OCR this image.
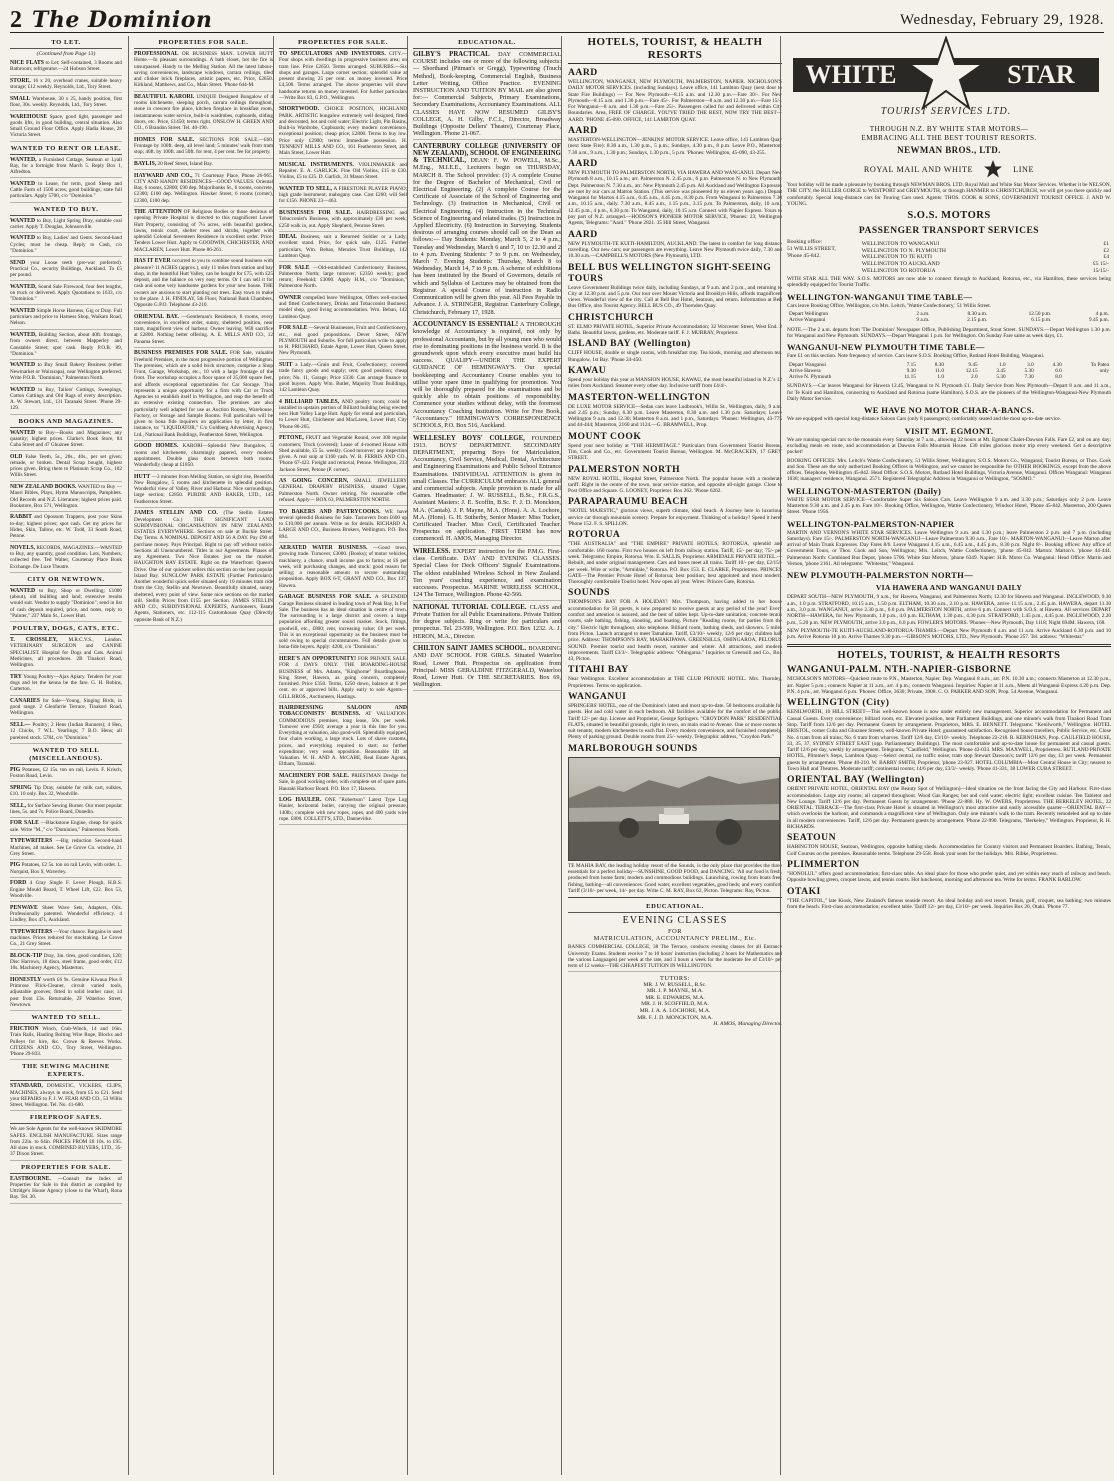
2 The Dominion	Wednesday, February 29, 1928.
TO LET.
(Continued from Page 13)
NICE FLATS to Let; Self-contained, 3 Rooms and Bathroom; refrigerator.—24 Hobson Street.
STORE, 16 x 20, overhead cranes, suitable heavy storage; £12 weekly. Reynolds, Ltd., Tory Street.
SMALL Warehouse, 30 x 25, handy position, first floor, 30s. weekly. Reynolds, Ltd., Tory Street.
WAREHOUSE Space, good light, passenger and goods lifts, in good building, central situation. Also Small Ground Floor Office. Apply Hadia House, 28 Victoria Street.
WANTED TO RENT OR LEASE.
WANTED, a Furnished Cottage, Seatoun or Lyall Bay, for a fortnight from March 5. Reply Box 1, Alfredton.
WANTED to Lease, for term, good Sheep and Cattle Farm of 1500 acres; good buildings; state full particulars. Apply 5700, c/o "Dominion."
WANTED TO BUY.
WANTED to Buy, Light Spring Dray, suitable coal carrier. Apply T. Douglas, Johnsonville.
WANTED to Buy, Ladies' and Gents. Second-hand Cycles; must be cheap. Reply to Cash, c/o "Dominion."
SEND your Loose teeth (pre-war preferred). Practical Co., security Buildings, Auckland. To £5 per pound.
WANTED, Sound Sale Firewood, four feet lengths, on truck or delivered. Apply Quotations to 1633, c/o "Dominion."
WANTED Simple Horse Harness, Gig or Dray. Full particulars and price to Harness Shop, Waikato Road, Nelson.
WANTED, Building Section, about 40ft. frontage, from owners direct, between Mapperley and Constable Street; spot cash. Reply P.O.B. 89, "Dominion."
WANTED to Buy Small Bakery Business (either Newmarket or Wairarapa), near Wellington preferred. Write P.O.B. "Dominion," Palmerston North.
WANTED to Buy, Tailors' Cuttings, Sweepings, Cotton Cuttings and Old Rags of every description. A. W. Stewart, Ltd., 131 Taranaki Street. 'Phone 29-129.
BOOKS AND MAGAZINES.
WANTED to Buy—Books and Magazines; any quantity; highest prices. Clarke's Book Store, 84 Cuba Street and 47 Ghuznee Street.
OLD False Teeth, 5s., 20s., 40s., per set given; remade, or broken. Dental Scrap bought, highest prices given. Bring them to Platinum Scrap Co., 102 Willis Street.
NEW ZEALAND BOOKS. WANTED to Buy — Maori Bibles, Plays, Hymn Manuscripts, Pamphlets. Old Records and N.Z. Literature; highest prices paid. Bookstore, Box 571, Wellington.
RABBIT and Opossum Trappers, post your Skins to-day; highest prices; spot cash. Get my prices for Hides, Skin, Tallow, etc. W. Todd, 33 South Road, Petone.
NOVELS, RECORDS, MAGAZINES.—WANTED to Buy, any quantity, good condition. Lots, Numbers, collected free. Ted Walter, Courtenay Place Book Exchange. De Luxe Theatre.
CITY OR NEWTOWN.
WANTED to Buy, Shop or Dwelling; £1000 (about), old building and land; extensive results would suit. Vendor to supply "Dominion"; send in list of cash deposit required, price, and notes, reply to "Painter," 237 Main St., Lower Hutt.
POULTRY, DOGS, CATS, ETC.
T. CROSSLEY, M.R.C.V.S., London. VETERINARY SURGEON and CANINE SPECIALIST. Hospital for Dogs and Cats. Animal Medicines, all procedures. 2B Tinakori Road, Wellington.
TRY Young Poultry—Ajax Apiary. Tenders for your dogs and let the kenna be the fare. G. H. Robins, Carterton.
CANARIES for Sale—Young, Singing Birds, in good range. 2 Glenfarrie Terrace, Tinakori Road, Wellington.
SELL— Poultry; 2 Hens (Indian Runners); 4 Hen, 12 Chicks, 7 W.L. Yearlings; 7 B.O. Hens; all purebred stock. 5784, c/o "Dominion."
WANTED TO SELL (MISCELLANEOUS).
PIG Potatoes, £2 15s. ton on rail, Levin. F. Krisch, Foxton Road, Levin.
SPRING Tip Dray, suitable for milk cart, sulkies, £10. 10 only. Box 32, Woodville.
SELL, for Surface Sewing Burner. Our most popular lines, 5s. and 7s. Police Board, Dunedin.
FOR SALE —Blackstone Engine, cheap for quick sale. Write "M.," c/o "Dominion," Palmerston North.
TYPEWRITERS —Big reduction Second-hand Machines, all makes. See Le Grove Co. window, 21 Grey Street.
PIG Potatoes, £2 5s. ton on rail Levin, with order. L. Norquist, Box 9, Waverley.
FORD 4 Gray Single F. Lever Plough, H.B.S. Engine Mould Board, T. Wheel Lift, £22. Box 53, Woodville.
PENWAVE Sheet Wave Sets, Adapters, Oils. Professionally patented. Wonderful efficiency. 4 Lindley, Box 471, Auckland.
TYPEWRITERS —Your chance. Bargains in used machines. Prices reduced for stocktaking. Le Grove Co., 21 Grey Street.
BLOCK-TIP Dray, 3in. tires, good condition, £20; Disc Harrows, 18 discs, steel frame, good order, £12 10s. Machinery Agency, Masterton.
HONESTLY worth £6 9s. Genuine Kiwaua Plus 8 Primrose Flick-Cleaner, circuit varied tools, adjustable grooves; fitted in solid leather case; 14 post from £3s. Returnable, 2F Waterloo Street, Newtown.
WANTED TO SELL.
FRICTION Winch, Crab-Winch, 14 and 16in. Train Rails, Hauling Bolting Wire Rope, Blocks and Pulleys for hire, &c. Crowe & Reeves Works. CITIZENS AND CO., Tory Street, Wellington. 'Phone 29-833.
THE SEWING MACHINE EXPERTS.
STANDARD, DOMESTIC, VICKERS, CLIPS, MACHINES, always in stock, from £5 to £21. Send your REPAIRS to F. J. W. FEAR AND CO., 53 Willis Street, Wellington. Tel. No. 41-680.
FIREPROOF SAFES.
We are Sole Agents for the well-known SKIDMORE SAFES. ENGLISH MANUFACTURE. Sizes range from 22in. to 64in. PRICES FROM £8 10s. to £95. All sizes in stock. COMBINED BUYERS, LTD., 35-37 Dixon Street.
PROPERTIES FOR SALE.
EASTBOURNE. —Consult the Index of Properties for Sale in this district as compiled by Uttridge's House Agency (close to the Wharf), Rona Bay. Tel. 30.
PROPERTIES FOR SALE.
PROFESSIONAL OR BUSINESS MAN. LOWER HUTT Home.—In pleasant surroundings. A bath closet, hot the fire is unsurpassed. Handy to the Melling Station. All the latest labour-saving conveniences, landscape windows, carrara ceilings, tiled and clinker brick fireplaces, artistic papers, etc. Price, £2650. Kirkland, Matthews, and Co., Main Street. 'Phone 644-M.
BEAUTIFUL KARORI. UNIQUE Designed Bungalow of 4 rooms kitchenette, sleeping porch, carrara ceilings throughout, stone in crescent fire place, kitchen fireplace in breakfast room, instantaneous water service, built-in wardrobes, cupboards, sliding doors, etc. Price, £1450; terms right. ONSLOW H. GREEN AND CO., 6 Brandon Street. Tel. 40-190.
HOMES FOR SALE. SECTIONS FOR SALE.—£60. Frontage by 100ft. deep, all level land; 5 minutes' walk from tram stop; 40ft. by 100ft. and 50ft. for rent, 4 per cent. fee for property.
BAYLIS, 20 Reef Street, Island Bay.
HAYWARD AND CO., 71 Courtenay Place, Phone 26-965. CITY AND HANDY RESIDENCES—GOOD VALUES. Oriental Bay, 6 rooms, £2800; £90 dep. Majoribanks St., 6 rooms, concrete, £2300; £100 dep. Wellington. Hawker Street, 6 rooms (corner), £2300, £100 dep.
THE ATTENTION OF Religious Bodies or those desirous of opening Private Hospital is directed to this magnificent Lower Hutt Property, consisting of 7¼ acres, with beautiful gardens, lawns, tennis court, shelter trees and shrubs, together with splendid Colonial Seventeen Residence in excellent order. Price: Tenders Lower Hutt. Apply to GOODWIN, CHICHESTER, AND MACLAREN, Lower Hutt. Phone 86-261.
HAS IT EVER occurred to you to combine sound business with pleasure? 11 ACRES (approx.), only 11 miles from station and bay shop, in the beautiful Hutt Valley, can be bought for £75, with £25 deposit, and the balance on very easy terms. Or I can sell it for cash and some very handsome gardens for your new house. THE owners are anxious to start planting out trees. Easy town to make to the place. J. H. FINDLAY, 5th Floor, National Bank Chambers, Opposite G.P.O. Telephone 43-210.
ORIENTAL BAY. —Gentleman's Residence, 8 rooms, every convenience, in excellent order, sunny, sheltered position, near tram, magnificent view of harbour. Owner leaving. Will sacrifice at £2800. Nothing better offering. A. E. MILLS AND CO., 12 Panama Street.
BUSINESS PREMISES FOR SALE. FOR Sale, valuable Freehold Premises, in the most progressive portion of Wellington. The premises, which are a solid brick structure, comprise a Shop Front, Garage, Workshop, etc., 10 with a large frontage of the front. The workshop occupies a floor space of 25,000 square feet, and affords exceptional opportunities for Car Storage. This represents a unique opportunity for a firm with Car or Truck Agencies to establish itself in Wellington, and reap the benefit of an extensive existing connection. The premises are also particularly well adapted for use as Auction Rooms, Warehouse, Factory, or Storage and Sample Rooms. Full particulars will be given to bona fide inquirers on application by letter, in first instance, to: "LIQUIDATOR," C/o Goldberg Advertising Agency, Ltd., National Bank Buildings, Featherston Street, Wellington.
GOOD HOMES. KARORI—Splendid New Bungalow, 5 rooms and kitchenette, charmingly papered, every modern appointment. Double glass doors between both rooms. Wonderfully cheap at £1850.
HUTT —3 minutes from Melling Station, on sight rise, Beautiful New Bungalow, 5 rooms and kitchenette in splendid position. Wonderful view of Valley, River and Harbour. Nice surroundings, large section; £2850. PURDIE AND BAKER, LTD., 145 Featherston Street.
JAMES STELLIN AND CO. (The Stellin Estates Development Co.) THE SIGNIFICANT LAND SUBDIVISIONAL ORGANISATION IN NEW ZEALAND. ESTATES EVERYWHERE. Sections on sale at Buckle Street. Day Terms. A NOMINAL DEPOSIT AND 56 A DAY. Pay £90 of purchase money. Pays Principal. Right to pay off without notice. Sections all Unencumbered. Titles in our Agreements. Phases of any Agreement. Two Nice Estates just on the market. HAUGHTON BAY ESTATE. Right on the Waterfront. Queen's Drive. One of our quickest sellers this section on the best popular Island Bay. SUNGLOW PARK ESTATE (Further Particulars). Another wonderful quick seller situated only 10 minutes tram ride from the City, Stellin and Newtown. Beautifully situated, sunny, sheltered, every point of view. Some nice sections on the market still. Stellin Prices from £155 per Section. JAMES STELLIN AND CO., SUBDIVISIONAL EXPERTS, Auctioneers, Estate Agents, Stationers, etc. 112-115 Customhouse Quay (Directly opposite Bank of N.Z.)
PROPERTIES FOR SALE.
TO SPECULATORS AND INVESTORS. CITY.—Four shops with dwellings in progressive business area; on tram line. Price £2650. Terms arranged. SUBURBS.—Six shops and garages. Large corner section; splendid value at present showing 25 per cent. on money invested. Price £4,500. Terms arranged. The above properties will show handsome returns on money invested. For further particulars—Write Box 83, G.P.O., Wellington.
SHORTWOOD. CHOICE POSITION, HIGHLAND PARK. ARTISTIC bungalow extremely well designed, fitted and decorated, hot and cold water; Electric Light, Pin Basins, Built-in Wardrobe, Cupboards; every modern convenience, exceptional position; cheap price; £2800. Terms to buy low. Price only £2900; terms: Immediate possession. H. TENNENT MILLS AND CO., 161 Featherston Street, and Main Street, Lower Hutt.
MUSICAL INSTRUMENTS. VIOLINMAKER and Repairer. E. A. GARLICK. Fine Old Violins, £15 to £30. Violins, £5 to £25. D. Garlick, 31 Mason Street.
WANTED TO SELL, A FIRESTONE PLAYER PIANO; high grade instrument; mahogany case. Cost £260; will Sell for £156. PHONE 23—463.
BUSINESSES FOR SALE. HAIRDRESSING and Tobacconist's Business, with approximately £30 per week; £250 walk in, out. Apply Shepherd, Penrose Street.
IDEAL Business, suit a Returned Soldier or a Lady; excellent stand. Price, for quick sale, £125. Further particulars, Wm. Beban, Menzies Trust Buildings, 142 Lambton Quay.
FOR SALE —Old-established Confectionery Business, Palmerston North; large turnover; £2350 weekly; good return; Freehold; £3000. Apply H.M., c/o "Dominion," Palmerston North.
OWNER compelled leave Wellington, Offers well-stocked and fitted Confectionery, Drinks and Tobacconist Business; model shop, good living accommodation. Wm. Beban, 142 Lambton Quay.
FOR SALE —Several Businesses, Fruit and Confectionery, etc., real good propositions. Dever Street, NEW PLYMOUTH and Suburbs. For full particulars write to apply to H. PRICHARD, Estate Agent, Lower Hutt, Queen Street, New Plymouth.
SUIT a Lady.—Grain and Fruit, Confectionery; covered trade fancy goods and supply; rent; good position; cheap price; No. 11, Garage; Price £330. Can arrange finance to good buyers. Apply Wm. Butler, Majority Trust Buildings, 142 Lambton Quay.
4 BILLIARD TABLES, AND poultry room; could be installed in upstairs portion of Billiard building being erected next Hutt Valley Large Hutt. Apply for rental and particulars, to Lower Hutt, Chichester and MacLaren, Lower Hutt, City 'Phone 86-265.
PETONE, FRUIT and Vegetable Round, over 300 regular customers; Truck (covered); Lease of 4-roomed House with Shed available, £5 5s. weekly. Good turnover; any inspection given. A real snip at £160 cash. W. B. FERRIS AND CO., 'Phone 67-423. Freight and removal, Petone. Wellington, 233 Jackson Street, Petone (P. corner).
AS GOING CONCERN, SMALL JEWELLERY GENERAL DRAPERY BUSINESS, situated Upper, Palmerston North. Owner retiring. No reasonable offer refused. Apply— BOX 63, PALMERSTON NORTH.
TO BAKERS AND PASTRYCOOKS. WE have several splendid Business for Sale. Turnovers from £600 up to £10,000 per annum. Write us for details. RICHARD A. LARGE AND CO., Business Brokers, Wellington. P.O. Box 894.
AERATED WATER BUSINESS. —Good town, growing trade. Turnover, £3000. (Books); of motor vehicles, machinery, a chance, small income gas to farms; at £6 per week, will purchasing changes, and stock: good reason for selling; a reasonable amount to secure outstanding proposition. Apply BOX 6-T, GRANT AND CO., Box 137, Hawera.
GARAGE BUSINESS FOR SALE. A SPLENDID Garage Business situated in leading town of Peak Bay, Is For Sale. The business has an ideal situation in centre of town. The surrounding is a large district and covers a large population affording greater sound market. Stock, fittings, goodwill, etc., £800; rent, increasing value; £8 per week. This is an exceptional opportunity as the business must be sold owing to special circumstances. Full details given to bona-fide buyers. Apply: 4200, c/o "Dominion."
HERE'S AN OPPORTUNITY! FOR PRIVATE SALE. FOR 4 DAYS ONLY. THE BOARDING-HOUSE BUSINESS of Mrs. Adams, "Kinghorne" Boardinghouse, King Street, Hawera, as going concern, completely furnished. Price £350. Terms, £250 down, balance at 6 per cent. on or approved bills. Apply early to sole Agents— GILL BROS., Auctioneers, Hastings.
HAIRDRESSING SALOON AND TOBACCONISTS' BUSINESS. AT VALUATION. COMMODIOUS premises, long lease, 50s. per week. Turnover over £950; average a year in this line for you. Everything at valuation, also good-will. Splendidly equipped, four chairs working, a large stock. Lots of shave customs, prices, and everything required to start; no further expenditure; very weak opposition. Reasonable lift at Valuation. W. H. AND A. McCABE, Real Estate Agents, Eltham, Taranaki.
MACHINERY FOR SALE. PRIESTMAN Dredge for Sale, in good working order, with complete set of spare parts. Hauraki Harbour Board. P.O. Box 17, Hawera.
LOG HAULER. ONE "Robertson" Latest Type Log Hauler, horizontal boiler, carrying the original pressure, 140lb.; complete with new ropes, ropes, and 400 yards wire rope. £800. COLLETT'S, LTD., Dannevirke.
EDUCATIONAL.
GILBY'S PRACTICAL DAY COMMERCIAL COURSE includes one or more of the following subjects:— Shorthand (Pitman's or Gregg), Typewriting (Touch Method), Book-keeping, Commercial English, Business Letter Writing, Office Practice. EVENING INSTRUCTION AND TUITION BY MAIL are also given for:— Commercial Subjects, Primary Examinations, Secondary Examinations, Accountancy Examinations. ALL CLASSES HAVE NOW RESUMED GILBY'S COLLEGE, A. H. Gilby, F.C.I., Director, Broadway Buildings (Opposite Dellers' Theatre), Courtenay Place, Wellington. 'Phone 21-067.
CANTERBURY COLLEGE (UNIVERSITY OF NEW ZEALAND), SCHOOL OF ENGINEERING & TECHNICAL, DEAN: F. W. POWELL, M.Sc., M.Eng., M.I.E.E., Lecturers begin on THURSDAY, MARCH 8. The School provides: (1) A complete Course for the Degree of Bachelor of Mechanical, Civil or Electrical Engineering. (2) A complete Course for the Certificate of Associate of the School of Engineering and Technology. (3) Instruction in Mechanical, Civil or Electrical Engineering. (4) Instruction in the Technical Science of Engineering and related trades. (5) Instruction in Applied Electricity. (6) Instruction in Surveying. Students desirous of arranging courses should call on the Dean as follows:— Day Students: Monday, March 5, 2 to 4 p.m.; Tuesday and Wednesday, March 6 and 7, 10 to 12.30 and 2 to 4 p.m. Evening Students: 7 to 9 p.m. on Wednesday, March 7. Evening Students: Thursday, March 8 to Wednesday, March 14, 7 to 9 p.m. A scheme of exhibitions has been instituted by the Board of Governors, details of which and Syllabus of Lectures may be obtained from the Registrar. A special Course of instruction in Radio Communication will be given this year. All Fees Payable in Advance. J. A. STRINGER, Registrar. Canterbury College, Christchurch, February 17, 1928.
ACCOUNTANCY IS ESSENTIAL! A THOROUGH knowledge of Accountancy is required, not only by professional Accountants, but by all young men who would rise to dominating positions in the business world. It is the groundwork upon which every executive must build his success. QUALIFY—UNDER THE EXPERT GUIDANCE OF HEMINGWAY'S. Our special bookkeeping and Accountancy Course enables you to utilise your spare time in qualifying for promotion. You will be thoroughly prepared for the examinations and be quickly able to obtain positions of responsibility. Commence your studies without delay, with the foremost Accountancy Coaching Institution. Write for Free Book, "Accountancy." HEMINGWAY'S CORRESPONDENCE SCHOOLS, P.O. Box 516, Auckland.
WELLESLEY BOYS' COLLEGE, FOUNDED 1913. BOYS' DEPARTMENT. SECONDARY DEPARTMENT, preparing Boys for Matriculation, Accountancy, Civil Service, Medical, Dental, Architecture and Engineering Examinations and Public School Entrance Examinations. INDIVIDUAL ATTENTION is given in small Classes. The CURRICULUM embraces ALL general and commercial subjects. Ample provision is made for all Games. Headmaster: J. W. RUSSELL, B.Sc., F.R.G.S., Assistant Masters: J. E. Scoffin, B.Sc. F. J. D. Monckton, M.A. (Cantab). J. P. Mayne, M.A. (Hons). A. A. Lochore, M.A. (Hons). G. H. Sutherby, Senior Master: Miss Tucker, Certificated Teacher. Miss Cecil, Certificated Teacher. Prospectus on application. FIRST TERM has now commenced. H. AMOS, Managing Director.
WIRELESS. EXPERT instruction for the P.M.G. First-class Certificate. DAY AND EVENING CLASSES. Special Class for Deck Officers' Signals' Examinations. The oldest established Wireless School in New Zealand. Ten years' coaching experience, and examination successes. Prospectus. MARINE WIRELESS SCHOOL, 124 The Terrace, Wellington. Phone 42-566.
NATIONAL TUTORIAL COLLEGE. CLASS and Private Tuition for all Public Examinations. Private Tuition for degree subjects. Ring or write for particulars and prospectus. Tel. 23-599, Wellington. P.O. Box 1232. A. J. HERON, M.A., Director.
CHILTON SAINT JAMES SCHOOL. BOARDING AND DAY SCHOOL FOR GIRLS. Situated Waterloo Road, Lower Hutt. Prospectus on application from Principal: MISS GERALDINE FITZGERALD, Waterloo Road, Lower Hutt. Or THE SECRETARIES. Box 69, Wellington.
HOTELS, TOURIST, & HEALTH RESORTS
AARD
WELLINGTON, WANGANUI, NEW PLYMOUTH, PALMERSTON, NAPIER. NICHOLSON'S DAILY MOTOR SERVICES. (including Sundays). Leave office, 141 Lambton Quay (next door to State Fire Buildings) — For New Plymouth—8.15 a.m. and 12.30 p.m.—Fare 30/-. For New Plymouth—8.15 a.m. and 1.30 p.m.—Fare 45/-. For Palmerston—8 a.m. and 12.30 p.m.—Fare 15/-. For Wanganui—8 a.m. and 1.30 p.m.—Fare 25/-. Passengers called for and delivered within City Boundaries. Area, FREE OF CHARGE. YOU'VE TRIED THE REST, NOW TRY THE BEST—AARD. 'PHONE 45-090. OFFICE, 141 LAMBTON QUAY.
AARD
MASTERTON-WELLINGTON—JENKINS' MOTOR SERVICE. Leave office, 141 Lambton Quay (next State Fire): 8.30 a.m., 1.30 p.m., 5 p.m.; Sundays, 4.30 p.m., 8 p.m. Leave P.O., Masterton: 7.30 a.m., 9 a.m., 1.30 p.m.; Sundays, 1.30 p.m., 5 p.m. 'Phones: Wellington, 45-090, 43-255.
AARD
NEW PLYMOUTH TO PALMERSTON NORTH, VIA HAWERA AND WANGANUI. Depart New Plymouth 8 a.m., 10.15 a.m.; arr. Palmerston N. 2.45 p.m., 6 p.m. Palmerston N. to New Plymouth: Dept. Palmerston N. 7.30 a.m., arr. New Plymouth 2.45 p.m. All Auckland and Wellington Expresses are met by our cars at Matron Station. (This service was pioneered by us eleven years ago.) Depart Wanganui for Marton 4.15 a.m., 6.45 a.m., 4.45 p.m., 8.30 p.m. From Wanganui to Palmerston 7.30 a.m., 10.15 a.m., daily. 7.30 a.m., 8.45 a.m., 1.15 p.m., 3.15 p.m. To Palmerston, daily, 10 a.m., 12.45 p.m., 4 p.m., 6.30 p.m. To Wanganui, daily, 10.15 a.m. Connect with Napier Express. Yours to pay part of N.Z. arranged.—HODSON'S PIONEER MOTOR SERVICE, 'Phones: 23; Wellington Agents, Telegrams: "Aard." 'Phone 2821. 35 Hill Street, Wanganui.
AARD
NEW PLYMOUTH-TE KUITI-HAMILTON, AUCKLAND. The latest in comfort for long distance travelling. Our new cars; our passengers are everything. Leave New Plymouth twice daily, 7.30 and 10.30 a.m.—CAMPBELL'S MOTORS (New Plymouth), LTD.
BELL BUS WELLINGTON SIGHT-SEEING TOURS
Leave Government Buildings twice daily, including Sundays, at 9 a.m. and 2 p.m., and returning to City at 12.30 p.m. and 5 p.m. Our tour over Mount Victoria and Brooklyn Hills, affords magnificent views. Wonderful view of the city. Call at Bell Bus Hotel, Seatoun, and return. Information at Bell Bus Office, also Tourist Agency. BELL BUS CO., 49 Thorndon Quay.
CHRISTCHURCH
ST. ELMO PRIVATE HOTEL, Superior Private Accommodation; 32 Worcester Street, West End. 2 Baths. Beautiful lawns, gardens, etc. Moderate tariff. F. J. MURRAY, Proprietor.
ISLAND BAY (Wellington)
CLIFF HOUSE, double or single rooms, with breakfast tray. Tea kiosk, morning and afternoon tea. Bungalow, 1st Bay. 'Phone 24-450.
KAWAU
Spend your holiday this year at MANSION HOUSE, KAWAU, the most beautiful island in N.Z.'s 12 miles from Auckland. Steamer every other day. Inclusive tariff from £4/4/-.
MASTERTON-WELLINGTON
DE LUXE MOTOR SERVICE—Sedan cars leave Ludbrook's, Willis St., Wellington, daily, 9 a.m. and 2.45 p.m.; Sunday, 6.30 p.m. Leave Masterton, 8.30 a.m. and 1.30 p.m. Saturdays; Leave Wellington 9 a.m. and 12.30; Masterton 8 a.m. and 1 p.m., Saturdays. 'Phones: Wellington, 43-775 and 44-444; Masterton, 2160 and 1124.—G. BRAMWELL, Prop.
MOUNT COOK
Spend your next holiday at "THE HERMITAGE." Particulars from Government Tourist Bureau, Tim, Cook and Co., etc. Government Tourist Bureau, Wellington. M. McCRACKEN, 17 GREY STREET.
PALMERSTON NORTH
NEW ROYAL HOTEL, Hospital Street, Palmerston North. The popular house with a moderate tariff. Right in the centre of the town, near service station, and opposite all-night garage. Close to Post Office and Square. G. LOONEY, Proprietor. Box 262. 'Phone 6262.
PARAPARAUMU BEACH
"HOTEL MAJESTIC," glorious views, superb climate, ideal beach. A Journey here in luxurious service car through mountain scenery. Prepare for enjoyment. Thinking of a holiday? Spend it here! 'Phone 152. F. S. SPILLON.
ROTORUA
"THE AUSTRALIA" and "THE EMPIRE" PRIVATE HOTELS, ROTORUA, splendid and comfortable. 160 rooms. First two houses on left from railway station. Tariff, 15/- per day; 75/- per week. Telegrams: Empire, Rotorua. Wm. E. SALLIS, Proprietor. ARMIDALE PRIVATE HOTEL.—Rebuilt, and under original management. Cars and buses meet all trains. Tariff 10/- per day, £2/15/- per week. Wire or write, "Armidale," Rotorua. P.O. Box 153. E. CLARKE, Proprietress. PRINCES GATE—The Premier Private Hotel of Rotorua; best position; best appointed and most modern. Thoroughly comfortable Tourist hotel. Now open all year. Wires: Princes Gate, Rotorua.
SOUNDS
THOMPSON'S BAY FOR A HOLIDAY! Mrs. Thompson, having added to her house accommodation for 50 guests, is now prepared to receive guests at any period of the year! Every comfort and attention is assured, and the best of tables kept. Up-to-date sanitation; concrete tennis courts, safe bathing, fishing, shooting, and boating. Picture "Reading rooms, for parties from the city." Electric light throughout, also telephone. Billiard room, bathing sheds, and showers. 5 miles from Picton. Launch arranged to meet Tamahine. Tariff, £3/10/- weekly, 12/6 per day; children half price. Address: THOMPSON'S BAY, MAHAKIPAWA. GREENSILLS, OHINGAROA, PELORUS SOUND. Premier tourist and health resort, summer and winter. All attractions, and modern improvements. Tariff £3/3/-. Telegraphic address: "Ohingaroa." Inquiries to Greensill and Co., Box 43, Picton.
TITAHI BAY
Near Wellington. Excellent accommodation at THE CLUB PRIVATE HOTEL. Mrs. Thornley, Proprietress. Terms on application.
WANGANUI
SPRINGERS' HOTEL, one of the Dominion's latest and most up-to-date. 50 bedrooms available for guests. Hot and cold water in each bedroom. All facilities available for the comfort of the public. Tariff 12/- per day. License and Proprietor, George Springers. "CROYDON PARK" RESIDENTIAL FLATS, situated in beautiful grounds, right in town, on main road to Avenue. One or more rooms to suit tenants, modern kitchenettes to each flat. Every modern convenience, and furnished completely. Plenty of parking ground. Double rooms from 25/- weekly. Telegraphic address, "Croydon Park."
MARLBOROUGH SOUNDS
TE MAHIA BAY, the leading holiday resort of the Sounds, is the only place that provides the three essentials for a perfect holiday—SUNSHINE, GOOD FOOD, and DANCING. 'All our food is fresh, produced from home farm; modern and commodious buildings. Launching, rowing from boats free; fishing, bathing—all conveniences. Good water, excellent vegetables, good beds; and every comfort. Tariff (3/10/- per week, 14/- per day. Write C. M. RAY, Box 62, Picton. Telegrams: Ray, Picton.
EDUCATIONAL.
EVENING CLASSES
FOR
MATRICULATION, ACCOUNTANCY PRELIM., Etc.
BANKS COMMERCIAL COLLEGE, 38 The Terrace, conducts evening classes for all Entrance University Exams. Students receive 7 to 10 hours' instruction (including 2 hours for Mathematics and the various Languages) per week at the rate, and 3 hours a week for the moderate fee of £3/10/- per term of 12 weeks—THE CHEAPEST TUITION IN WELLINGTON.
TUTORS:
MR. J. W. RUSSELL, B.Sc.
MR. J. P. MAYNE, M.A.
MR. E. EDWARDS, M.A.
MR. J. H. SCOFFIELD, M.A.
MR. J. A. A. LOCHORE, M.A.
MR. F. J. D. MONCKTON, M.A.
H. AMOS, Managing Director.
WHITE	STAR
TOURIST SERVICES LTD.
THROUGH N.Z. BY WHITE STAR MOTORS—
EMBRACING ALL THE BEST TOURIST RESORTS.
NEWMAN BROS., LTD.
ROYAL MAIL AND WHITE	LINE
Your holiday will be made a pleasure by booking through NEWMAN BROS. LTD. Royal Mail and White Star Motor Services. Whether it be NELSON, THE CITY, the BULLER GORGE to WESTPORT and GREYMOUTH, or through HANMER to CHRISTCHURCH, we will get you there quickly and comfortably. Special long-distance cars for Touring Cars used. Agents: THOS. COOK & SONS, GOVERNMENT TOURIST OFFICE. J. AND W. YOUNG.
S.O.S. MOTORS
PASSENGER TRANSPORT SERVICES
Booking office:
51 WILLIS STREET,
'Phone 45-842.
WELLINGTON TO WANGANUI	£1
WELLINGTON TO N. PLYMOUTH	£2
WELLINGTON TO TE KUITI	£4
WELLINGTON TO AUCKLAND	£5 15/-
WELLINGTON TO ROTORUA	15/15/-
WITH STAR ALL THE WAY. S.O.S. MOTORS are now able to connect through to Auckland, Rotorua, etc., via Hamilton, these services being splendidly equipped for Tourist Traffic.
WELLINGTON-WANGANUI TIME TABLE—
Cars leave Booking Office, Wellington, c/o Mrs. Leitch, 'Wattie Confectionery,' 51 Willis Street.
Depart Wellington	2 a.m.	8.30 a.m.	12.50 p.m.	4 p.m.
Arrive Wanganui	9 a.m.	2.15 p.m.	6.15 p.m.	9.45 p.m.
NOTE.—The 2 a.m. departs from 'The Dominion' Newspaper Office, Publishing Department, Stout Street. SUNDAYS.—Depart Wellington 1.30 p.m. for Wanganui and New Plymouth. SUNDAYS.—Depart Wanganui 1 p.m. for Wellington. On Sunday Fare same as week days, £1.
WANGANUI-NEW PLYMOUTH TIME TABLE—
Fare £1 on this section. Note frequency of service. Cars leave S.O.S. Booking Office, Rutland Hotel Building, Wanganui.
Depart Wanganui	7.15	8.30	9.45	1.0	3.0	4.30	To Patea
Arrive Hawera	9.30	11.0	12.15	3.45	5.30	6.0	only
Arrive N. Plymouth	11.15	1.0	2.0	5.30	7.30	8.0	
SUNDAYS.—Car leaves Wanganui for Hawera 12.45, Wanganui to N. Plymouth £1. Daily Service from New Plymouth—Depart 8 a.m. and 11 a.m., for Te Kuiti and Hamilton, connecting to Auckland and Rotorua (same Hamilton). S.O.S. are the pioneers of the Wellington-Wanganui-New Plymouth Daily Motor Service.
WE HAVE NO MOTOR CHAR-A-BANCS.
We are equipped with special long-distance Saloon Cars (only 8 passengers); comfortably seated and the most up-to-date service.
VISIT MT. EGMONT.
We are running special cars to the mountain every Saturday at 7 a.m., allowing 22 hours at Mt. Egmont Chalet-Dawson Falls. Fare £2, and on any day; excluding meals en route, and accommodation at Dawson Falls Mountain House. £30 miles glorious motor trip every weekend. Get a descriptive pocket!
BOOKING OFFICES: Mrs. Leitch's Wattie Confectionery, 51 Willis Street, Wellington; S.O.S. Motors Co., Wanganui; Tourist Bureau, or Thos. Cook and Son. These are the only authorized Booking Offices in Wellington, and we cannot be responsible for OTHER BOOKINGS, except from the above offices. Telephone, Wellington 45-842. Head Office: S.O.S. Motors, Rutland Hotel Buildings, Victoria Avenue, Wanganui. Offices Wanganui: Wanganui 1038; managers' residence, Wanganui. 2571. Registered Telegraphic Address in Wanganui or Wellington, "SOSMO."
WELLINGTON-MASTERTON (Daily)
WHITE STAR MOTOR SERVICE—Comfortable Super Six Saloon Cars. Leave Wellington 9 a.m. and 3.30 p.m.; Saturdays only 2 p.m. Leave Masterton 9.30 a.m. and 2.45 p.m. Fare 10/-. Booking Office, Wellington, Wattie Confectionery, Windsor Hotel, 'Phone 45-842. Masterton, 200 Queen Street. 'Phone 1956.
WELLINGTON-PALMERSTON-NAPIER
MARTIN AND VERNON'S WHITE STAR SERVICES. Leave Wellington 9 a.m. and 1.30 p.m.; leave Palmerston 2 p.m. and 7 p.m. (including Saturdays). Fare 15/-. PALMERSTON NORTH-WANGANUI—Leave Palmerston 9.30 a.m., Fare 10/-. MARTON-WANGANUI—Leave Marton after arrival of Main Trunk Expresses. Day Fares 8/6. Leave Wanganui 4.15 a.m., 6.45 a.m., 4.45 p.m., 8.30 p.m. Night 8/-. Booking offices: Any office of Government Tours, or Thos. Cook and Son, Wellington; Mrs. Leitch, Wattie Confectionery, 'phone 45-842. Marton: Marton's. 'phone 44-444. Palmerston North: Combined Bus Depot, 'phone 5706. White Star Motors, 'phone 6349. Napier: H.B. Motor Co. Wanganui: Head Office: Martin and Vernon, 'phone 2161. All telegrams: "Whitestar," Wanganui.
NEW PLYMOUTH-PALMERSTON NORTH—
VIA HAWERA AND WANGANUI DAILY
DEPART SOUTH—NEW PLYMOUTH, 9 a.m., for Hawera, Wanganui, and Palmerston North; 12.30 for Hawera and Wanganui. INGLEWOOD, 9.30 a.m., 1.0 p.m. STRATFORD, 10.15 a.m., 1.50 p.m. ELTHAM, 10.30 a.m., 2.10 p.m. HAWERA, arrive 11.15 a.m., 2.45 p.m. HAWERA, depart 11.30 a.m., 3.0 p.m. WANGANUI, arrive 2.30 p.m., 6.0 p.m. PALMERSTON NORTH, arrive 6 p.m. Connect with S.O.S. at Hawera. All services DEPART NORTH—HAWERA, for New Plymouth, 1.0 p.m., 4.0 p.m. ELTHAM, 1.30 p.m., 4.30 p.m. STRATFORD, 1.45 p.m., 4.45 p.m. INGLEWOOD, 2.20 p.m., 5.20 p.m. NEW PLYMOUTH, arrive 3.0 p.m., 6.0 p.m. FOWLER'S MOTORS. 'Phones—New Plymouth, Day 1118; Night 694M. Hawera, 168.
NEW PLYMOUTH-TE KUITI-AUCKLAND-ROTORUA-THAMES.—Depart New Plymouth 8 a.m. and 11 a.m. Arrive Auckland 6.30 p.m. and 10 p.m. Arrive Rotorua 10 p.m. Arrive Thames 9.30 p.m.—GIBSON'S MOTORS, LTD., New Plymouth. 'Phone 257. Tel. address: "Whitestar."
HOTELS, TOURIST, & HEALTH RESORTS
WANGANUI-PALM. NTH.-NAPIER-GISBORNE
NICHOLSON'S MOTORS—Quickest route to P.N., Masterton, Napier. Dep. Wanganui 8 a.m., arr. P.N. 10.30 a.m.; connects Masterton at 12.30 p.m., arr. Napier 5 p.m.; connects Napier at 11 a.m., arr. 4 p.m.; connects Wanganui. Inquiries: Napier at 11 a.m., Meets all Wanganui Express 4.20 p.m. Dep. P.N. 4 p.m., arr. Wanganui 6 p.m. 'Phones: Office, 3630; Private, 3908. C. O. PARKER AND SON, Prop. 54 Avenue, Wanganui.
WELLINGTON (City)
KENILWORTH, 10 HILL STREET—This well-known house is now under entirely new management. Superior accommodation for Permanent and Casual Guests. Every convenience; billiard room, etc. Elevated position, near Parliament Buildings, and one minute's walk from Tinakori Road Tram Stop. Tariff from 12/6 per day. Permanent Guests by arrangement. Proprietors, MRS. E. BENNETT. Telegrams: "Kenilworth," Wellington. HOTEL BRISTOL, corner Cuba and Ghuznee Streets, well-known Private Hotel; guaranteed satisfaction. Recognised house travellers, Public Service, etc. Close No. 4 tram from all trains; No. 6 tram from wharves. Tariff 12/6 day, £3/10/- weekly. Telephone 22-218. R. KERNOHAN, Prop. CAULFIELD HOUSE, 33, 35, 37, SYDNEY STREET EAST (opp. Parliamentary Buildings). The most comfortable and up-to-date house for permanent and casual guests. Tariff 12/6 per day, weekly by arrangement. Telegrams, "Caulfield," Wellington. 'Phone 42-033. MRS. MAXWELL, Proprietress. RUTLAND PRIVATE HOTEL, Plimmer's Steps, Lambton Quay.—Select central, no traffic noise; tram stop Stewart Dawson's; tariff 12/6 per day, £3 per week. Permanent guests by arrangement. 'Phone 40-210. W. BARRY SMITH, Proprietor, 'phone 23-927. HOTEL COLUMBIA—Most Central House in City; nearest to Town Hall and Theatres. Moderate tariff; continental rooms; 14/6 per day, £3/3/- weekly. 'Phone 41-331, 38 LOWER CUBA STREET.
ORIENTAL BAY (Wellington)
ORIENT PRIVATE HOTEL, ORIENTAL BAY (the Beauty Spot of Wellington)—Ideal situation on the front facing the City and Harbour. First-class accommodation. Large airy rooms; all carpeted throughout. Wood Gas Ranges; hot and cold water; electric light; excellent cuisine. Ten Tabletot and New Lounge. Tariff 12/6 per day. Permanent Guests by arrangement. 'Phone 22-880. Hy. W. OWERS, Proprietress. THE BERKELEY HOTEL, 22 ORIENTAL TERRACE—The first-class Private Hotel is situated in Wellington's most attractive and easily accessible quarter—ORIENTAL BAY—which overlooks the harbour, and commands a magnificent view of Wellington. Only one minute's walk to the tram. Recently remodeled and up to date in all modern conveniences. Tariff, 12/6 per day. Permanent guests by arrangement. 'Phone 22-990. Telegrams, "Berkeley," Wellington. Proprietor, R. H. RICHARDS.
SEATOUN
HABINGTON HOUSE, Seatoun, Wellington, opposite bathing sheds. Accommodation for Country visitors and Permanent Boarders. Bathing, Tennis, Golf Courses on the premises. Reasonable terms. Telephone 29-558. Book your seats for the holidays. Mrs. Ribke, Proprietress.
PLIMMERTON
"HONOLUL" offers good accommodation; first-class table. An ideal place for those who prefer quiet, and yet within easy reach of railway and beach. Opposite bowling green, croquet lawns, and tennis courts. Hot luncheons, morning and afternoon tea. Write for terms. FRANK BARLOW.
OTAKI
"THE CAPITOL," late Kiosk, New Zealand's famous seaside resort. An ideal holiday and rest resort. Tennis, golf, croquet, sea bathing; two minutes from the beach. First-class accommodation; excellent table. Tariff 12/- per day, £3/10/- per week. Inquiries Box 20, Otaki. 'Phone 77.
